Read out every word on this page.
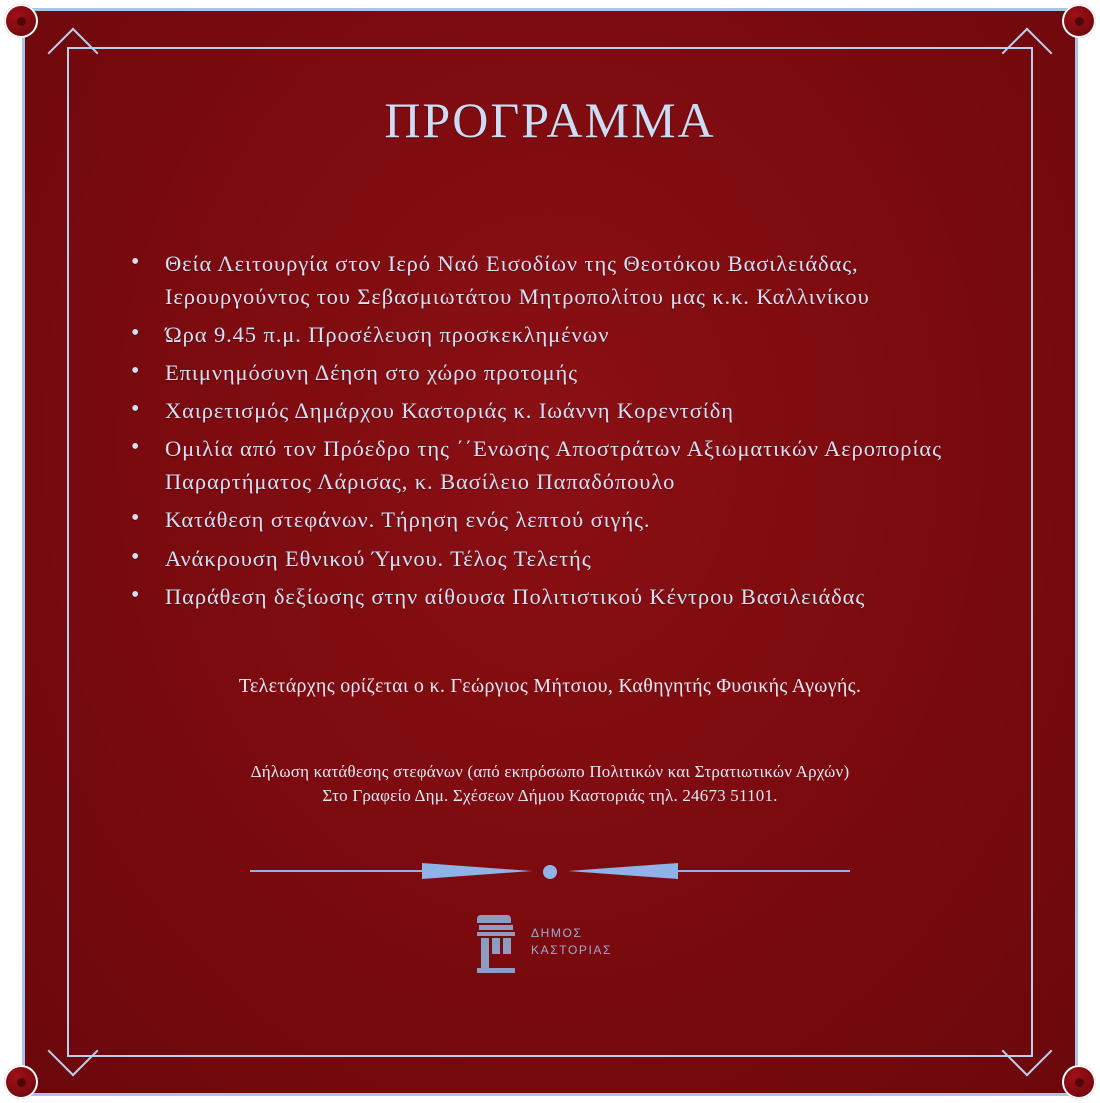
ΠΡΟΓΡΑΜΜΑ
• Θεία Λειτουργία στον Ιερό Ναό Εισοδίων της Θεοτόκου Βασιλειάδας, Ιερουργούντος του Σεβασμιωτάτου Μητροπολίτου μας κ.κ. Καλλινίκου
• Ώρα 9.45 π.μ. Προσέλευση προσκεκλημένων
• Επιμνημόσυνη Δέηση στο χώρο προτομής
• Χαιρετισμός Δημάρχου Καστοριάς κ. Ιωάννη Κορεντσίδη
• Ομιλία από τον Πρόεδρο της ΄΄Ενωσης Αποστράτων Αξιωματικών Αεροπορίας Παραρτήματος Λάρισας, κ. Βασίλειο Παπαδόπουλο
• Κατάθεση στεφάνων. Τήρηση ενός λεπτού σιγής.
• Ανάκρουση Εθνικού Ύμνου. Τέλος Τελετής
• Παράθεση δεξίωσης στην αίθουσα Πολιτιστικού Κέντρου Βασιλειάδας
Τελετάρχης ορίζεται ο κ. Γεώργιος Μήτσιου, Καθηγητής Φυσικής Αγωγής.
Δήλωση κατάθεσης στεφάνων (από εκπρόσωπο Πολιτικών και Στρατιωτικών Αρχών)
Στο Γραφείο Δημ. Σχέσεων Δήμου Καστοριάς τηλ. 24673 51101.
ΔΗΜΟΣ
ΚΑΣΤΟΡΙΑΣ
